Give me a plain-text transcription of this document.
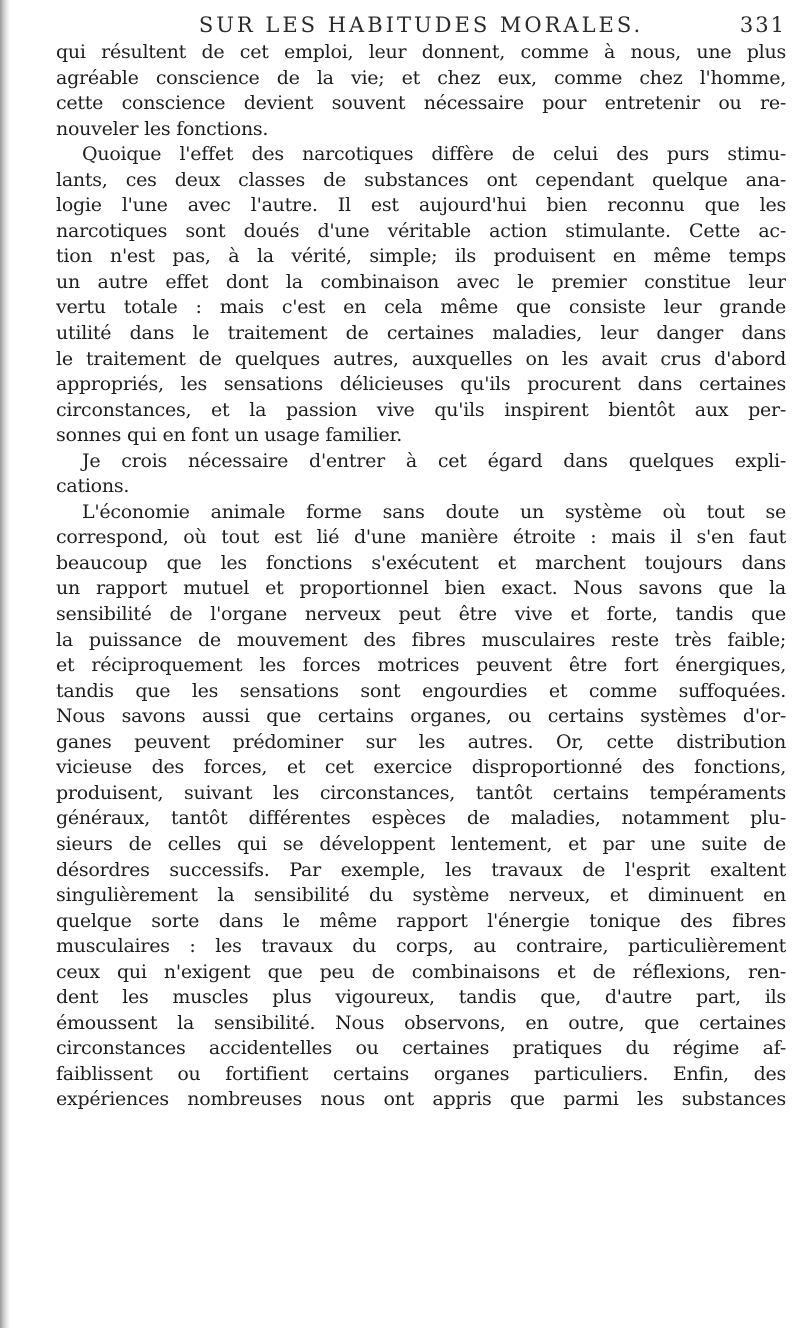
SUR LES HABITUDES MORALES.	331
qui résultent de cet emploi, leur donnent, comme à nous, une plus
agréable conscience de la vie; et chez eux, comme chez l'homme,
cette conscience devient souvent nécessaire pour entretenir ou re-
nouveler les fonctions.
Quoique l'effet des narcotiques diffère de celui des purs stimu-
lants, ces deux classes de substances ont cependant quelque ana-
logie l'une avec l'autre. Il est aujourd'hui bien reconnu que les
narcotiques sont doués d'une véritable action stimulante. Cette ac-
tion n'est pas, à la vérité, simple; ils produisent en même temps
un autre effet dont la combinaison avec le premier constitue leur
vertu totale : mais c'est en cela même que consiste leur grande
utilité dans le traitement de certaines maladies, leur danger dans
le traitement de quelques autres, auxquelles on les avait crus d'abord
appropriés, les sensations délicieuses qu'ils procurent dans certaines
circonstances, et la passion vive qu'ils inspirent bientôt aux per-
sonnes qui en font un usage familier.
Je crois nécessaire d'entrer à cet égard dans quelques expli-
cations.
L'économie animale forme sans doute un système où tout se
correspond, où tout est lié d'une manière étroite : mais il s'en faut
beaucoup que les fonctions s'exécutent et marchent toujours dans
un rapport mutuel et proportionnel bien exact. Nous savons que la
sensibilité de l'organe nerveux peut être vive et forte, tandis que
la puissance de mouvement des fibres musculaires reste très faible;
et réciproquement les forces motrices peuvent être fort énergiques,
tandis que les sensations sont engourdies et comme suffoquées.
Nous savons aussi que certains organes, ou certains systèmes d'or-
ganes peuvent prédominer sur les autres. Or, cette distribution
vicieuse des forces, et cet exercice disproportionné des fonctions,
produisent, suivant les circonstances, tantôt certains tempéraments
généraux, tantôt différentes espèces de maladies, notamment plu-
sieurs de celles qui se développent lentement, et par une suite de
désordres successifs. Par exemple, les travaux de l'esprit exaltent
singulièrement la sensibilité du système nerveux, et diminuent en
quelque sorte dans le même rapport l'énergie tonique des fibres
musculaires : les travaux du corps, au contraire, particulièrement
ceux qui n'exigent que peu de combinaisons et de réflexions, ren-
dent les muscles plus vigoureux, tandis que, d'autre part, ils
émoussent la sensibilité. Nous observons, en outre, que certaines
circonstances accidentelles ou certaines pratiques du régime af-
faiblissent ou fortifient certains organes particuliers. Enfin, des
expériences nombreuses nous ont appris que parmi les substances
